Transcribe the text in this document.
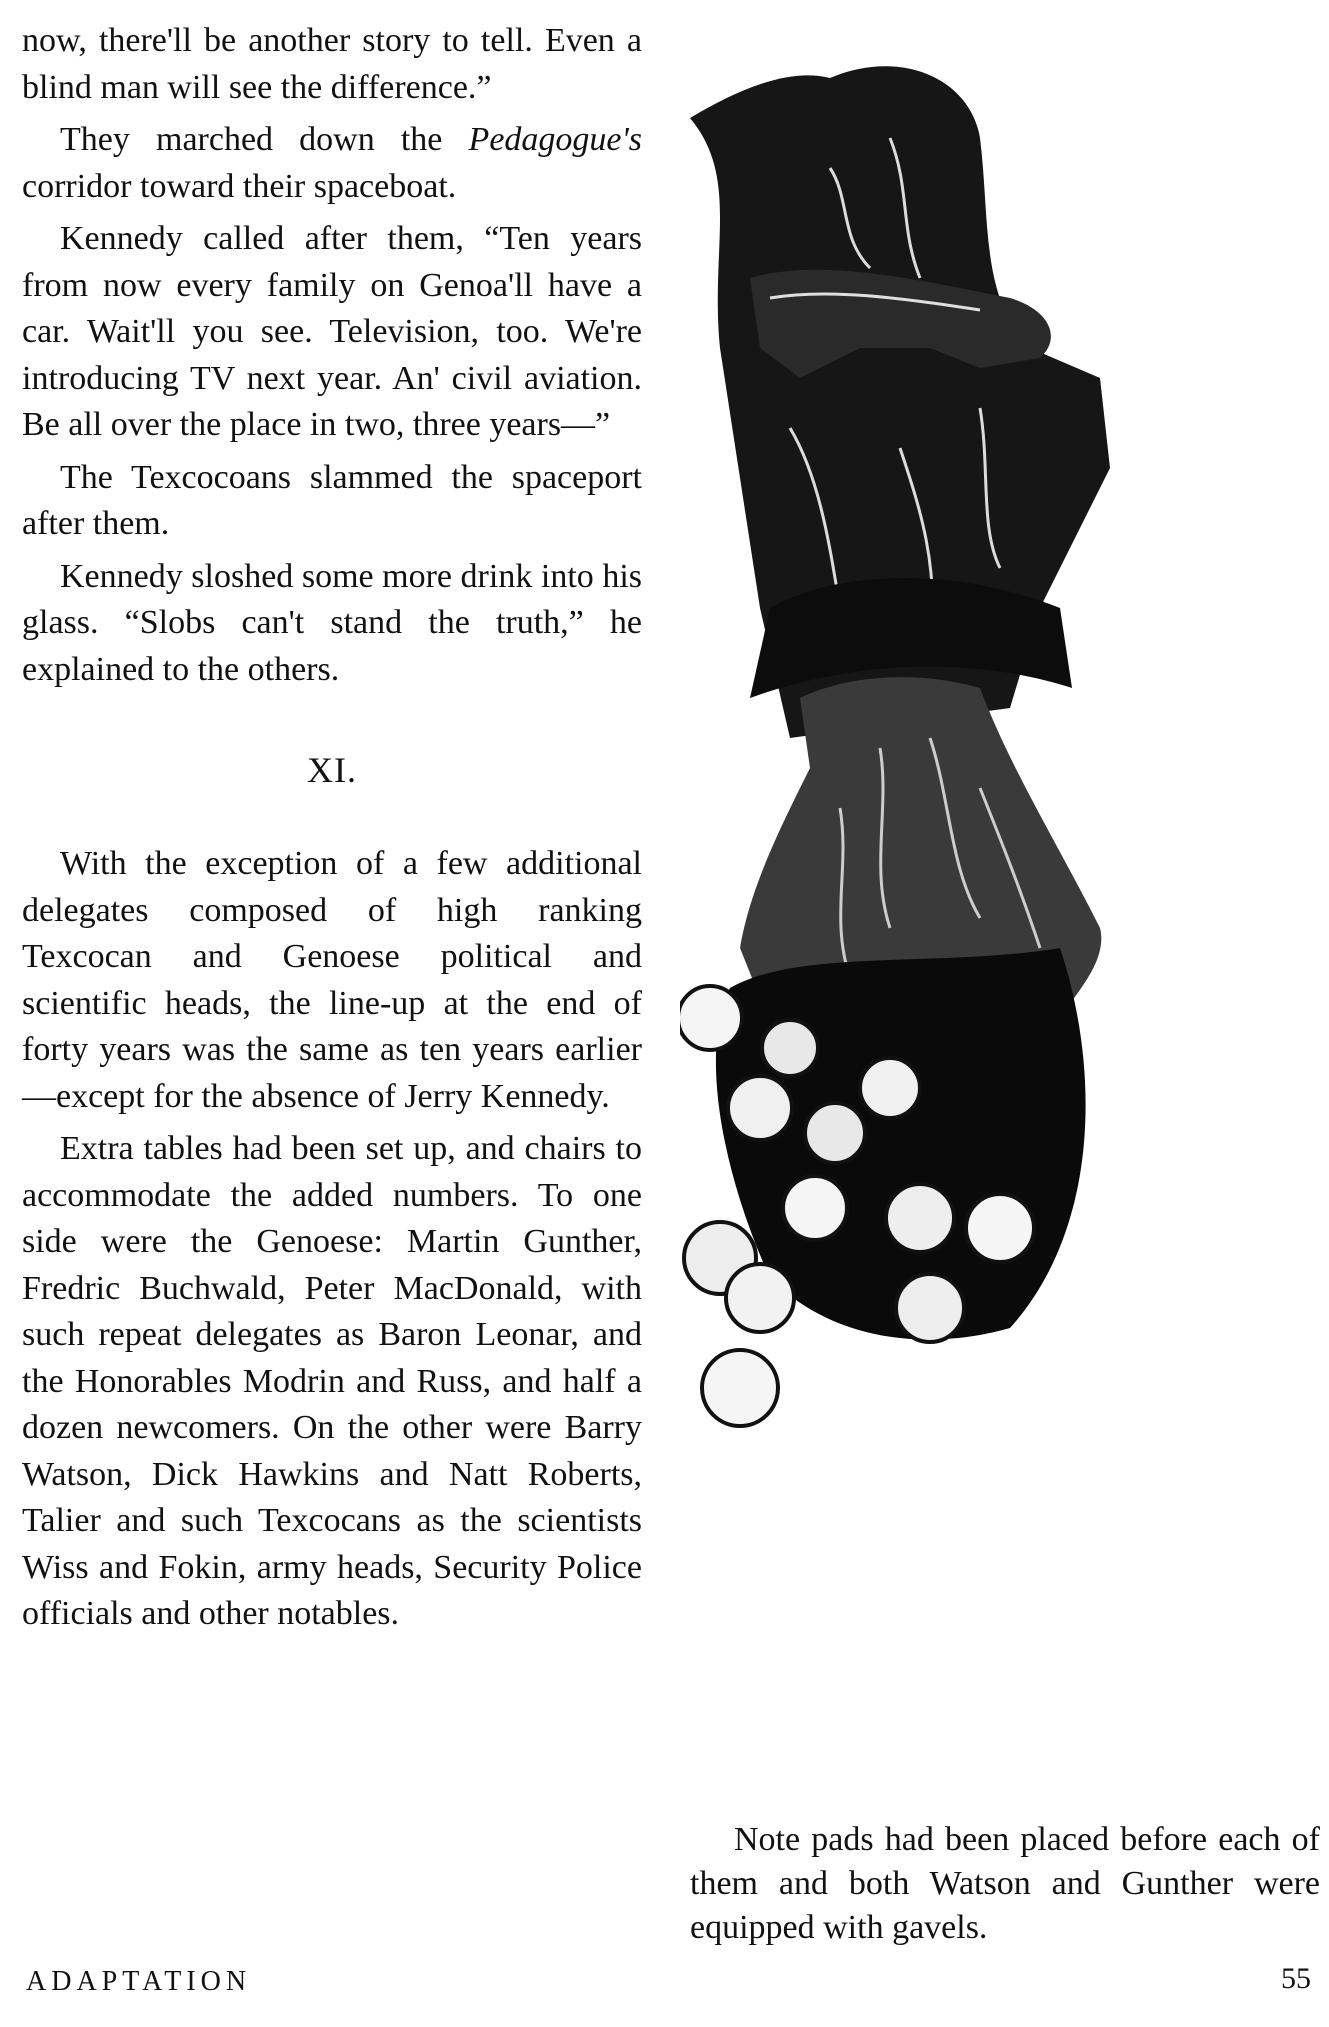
now, there'll be another story to tell. Even a blind man will see the difference.”

They marched down the Pedagogue's corridor toward their spaceboat.

Kennedy called after them, “Ten years from now every family on Genoa'll have a car. Wait'll you see. Television, too. We're introducing TV next year. An' civil aviation. Be all over the place in two, three years—”

The Texcocoans slammed the spaceport after them.

Kennedy sloshed some more drink into his glass. “Slobs can't stand the truth,” he explained to the others.

XI.

With the exception of a few additional delegates composed of high ranking Texcocan and Genoese political and scientific heads, the line-up at the end of forty years was the same as ten years earlier—except for the absence of Jerry Kennedy.

Extra tables had been set up, and chairs to accommodate the added numbers. To one side were the Genoese: Martin Gunther, Fredric Buchwald, Peter MacDonald, with such repeat delegates as Baron Leonar, and the Honorables Modrin and Russ, and half a dozen newcomers. On the other were Barry Watson, Dick Hawkins and Natt Roberts, Talier and such Texcocans as the scientists Wiss and Fokin, army heads, Security Police officials and other notables.

Note pads had been placed before each of them and both Watson and Gunther were equipped with gavels.

ADAPTATION	55
